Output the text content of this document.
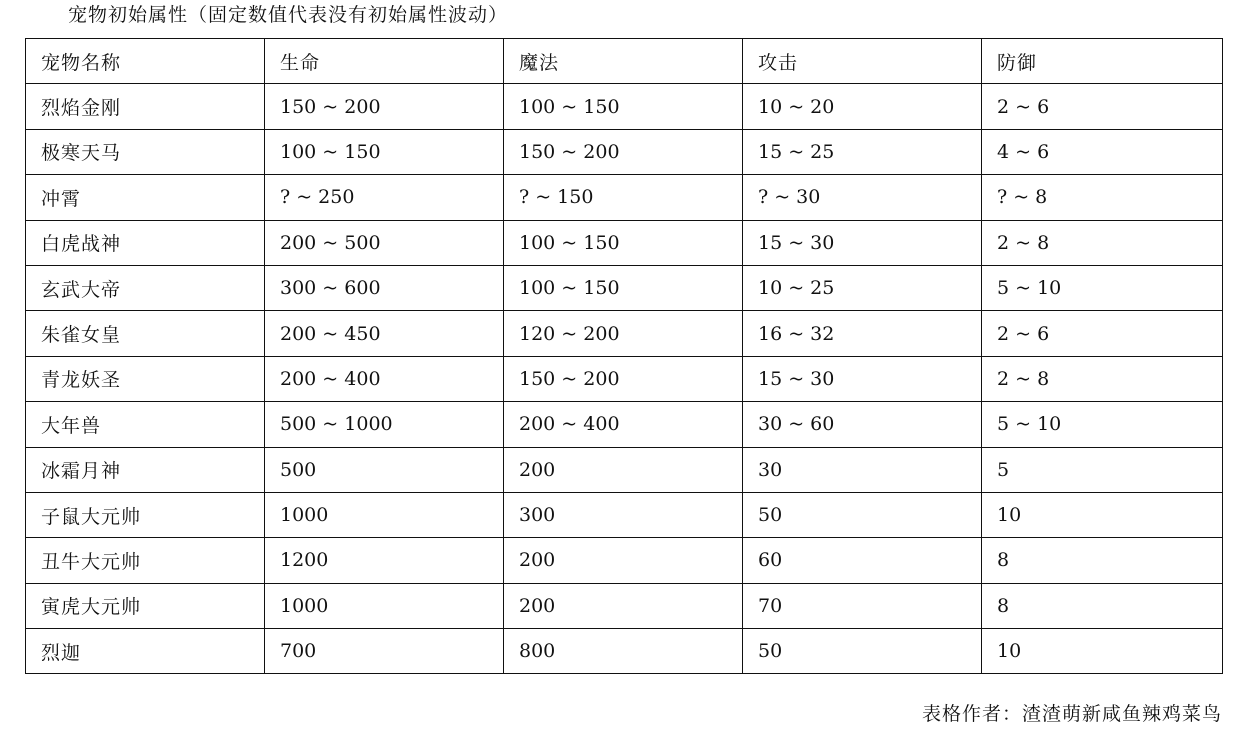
宠物初始属性（固定数值代表没有初始属性波动）
宠物名称	生命	魔法	攻击	防御
烈焰金刚	150 ~ 200	100 ~ 150	10 ~ 20	2 ~ 6
极寒天马	100 ~ 150	150 ~ 200	15 ~ 25	4 ~ 6
冲霄	? ~ 250	? ~ 150	? ~ 30	? ~ 8
白虎战神	200 ~ 500	100 ~ 150	15 ~ 30	2 ~ 8
玄武大帝	300 ~ 600	100 ~ 150	10 ~ 25	5 ~ 10
朱雀女皇	200 ~ 450	120 ~ 200	16 ~ 32	2 ~ 6
青龙妖圣	200 ~ 400	150 ~ 200	15 ~ 30	2 ~ 8
大年兽	500 ~ 1000	200 ~ 400	30 ~ 60	5 ~ 10
冰霜月神	500	200	30	5
子鼠大元帅	1000	300	50	10
丑牛大元帅	1200	200	60	8
寅虎大元帅	1000	200	70	8
烈迦	700	800	50	10
表格作者：渣渣萌新咸鱼辣鸡菜鸟
